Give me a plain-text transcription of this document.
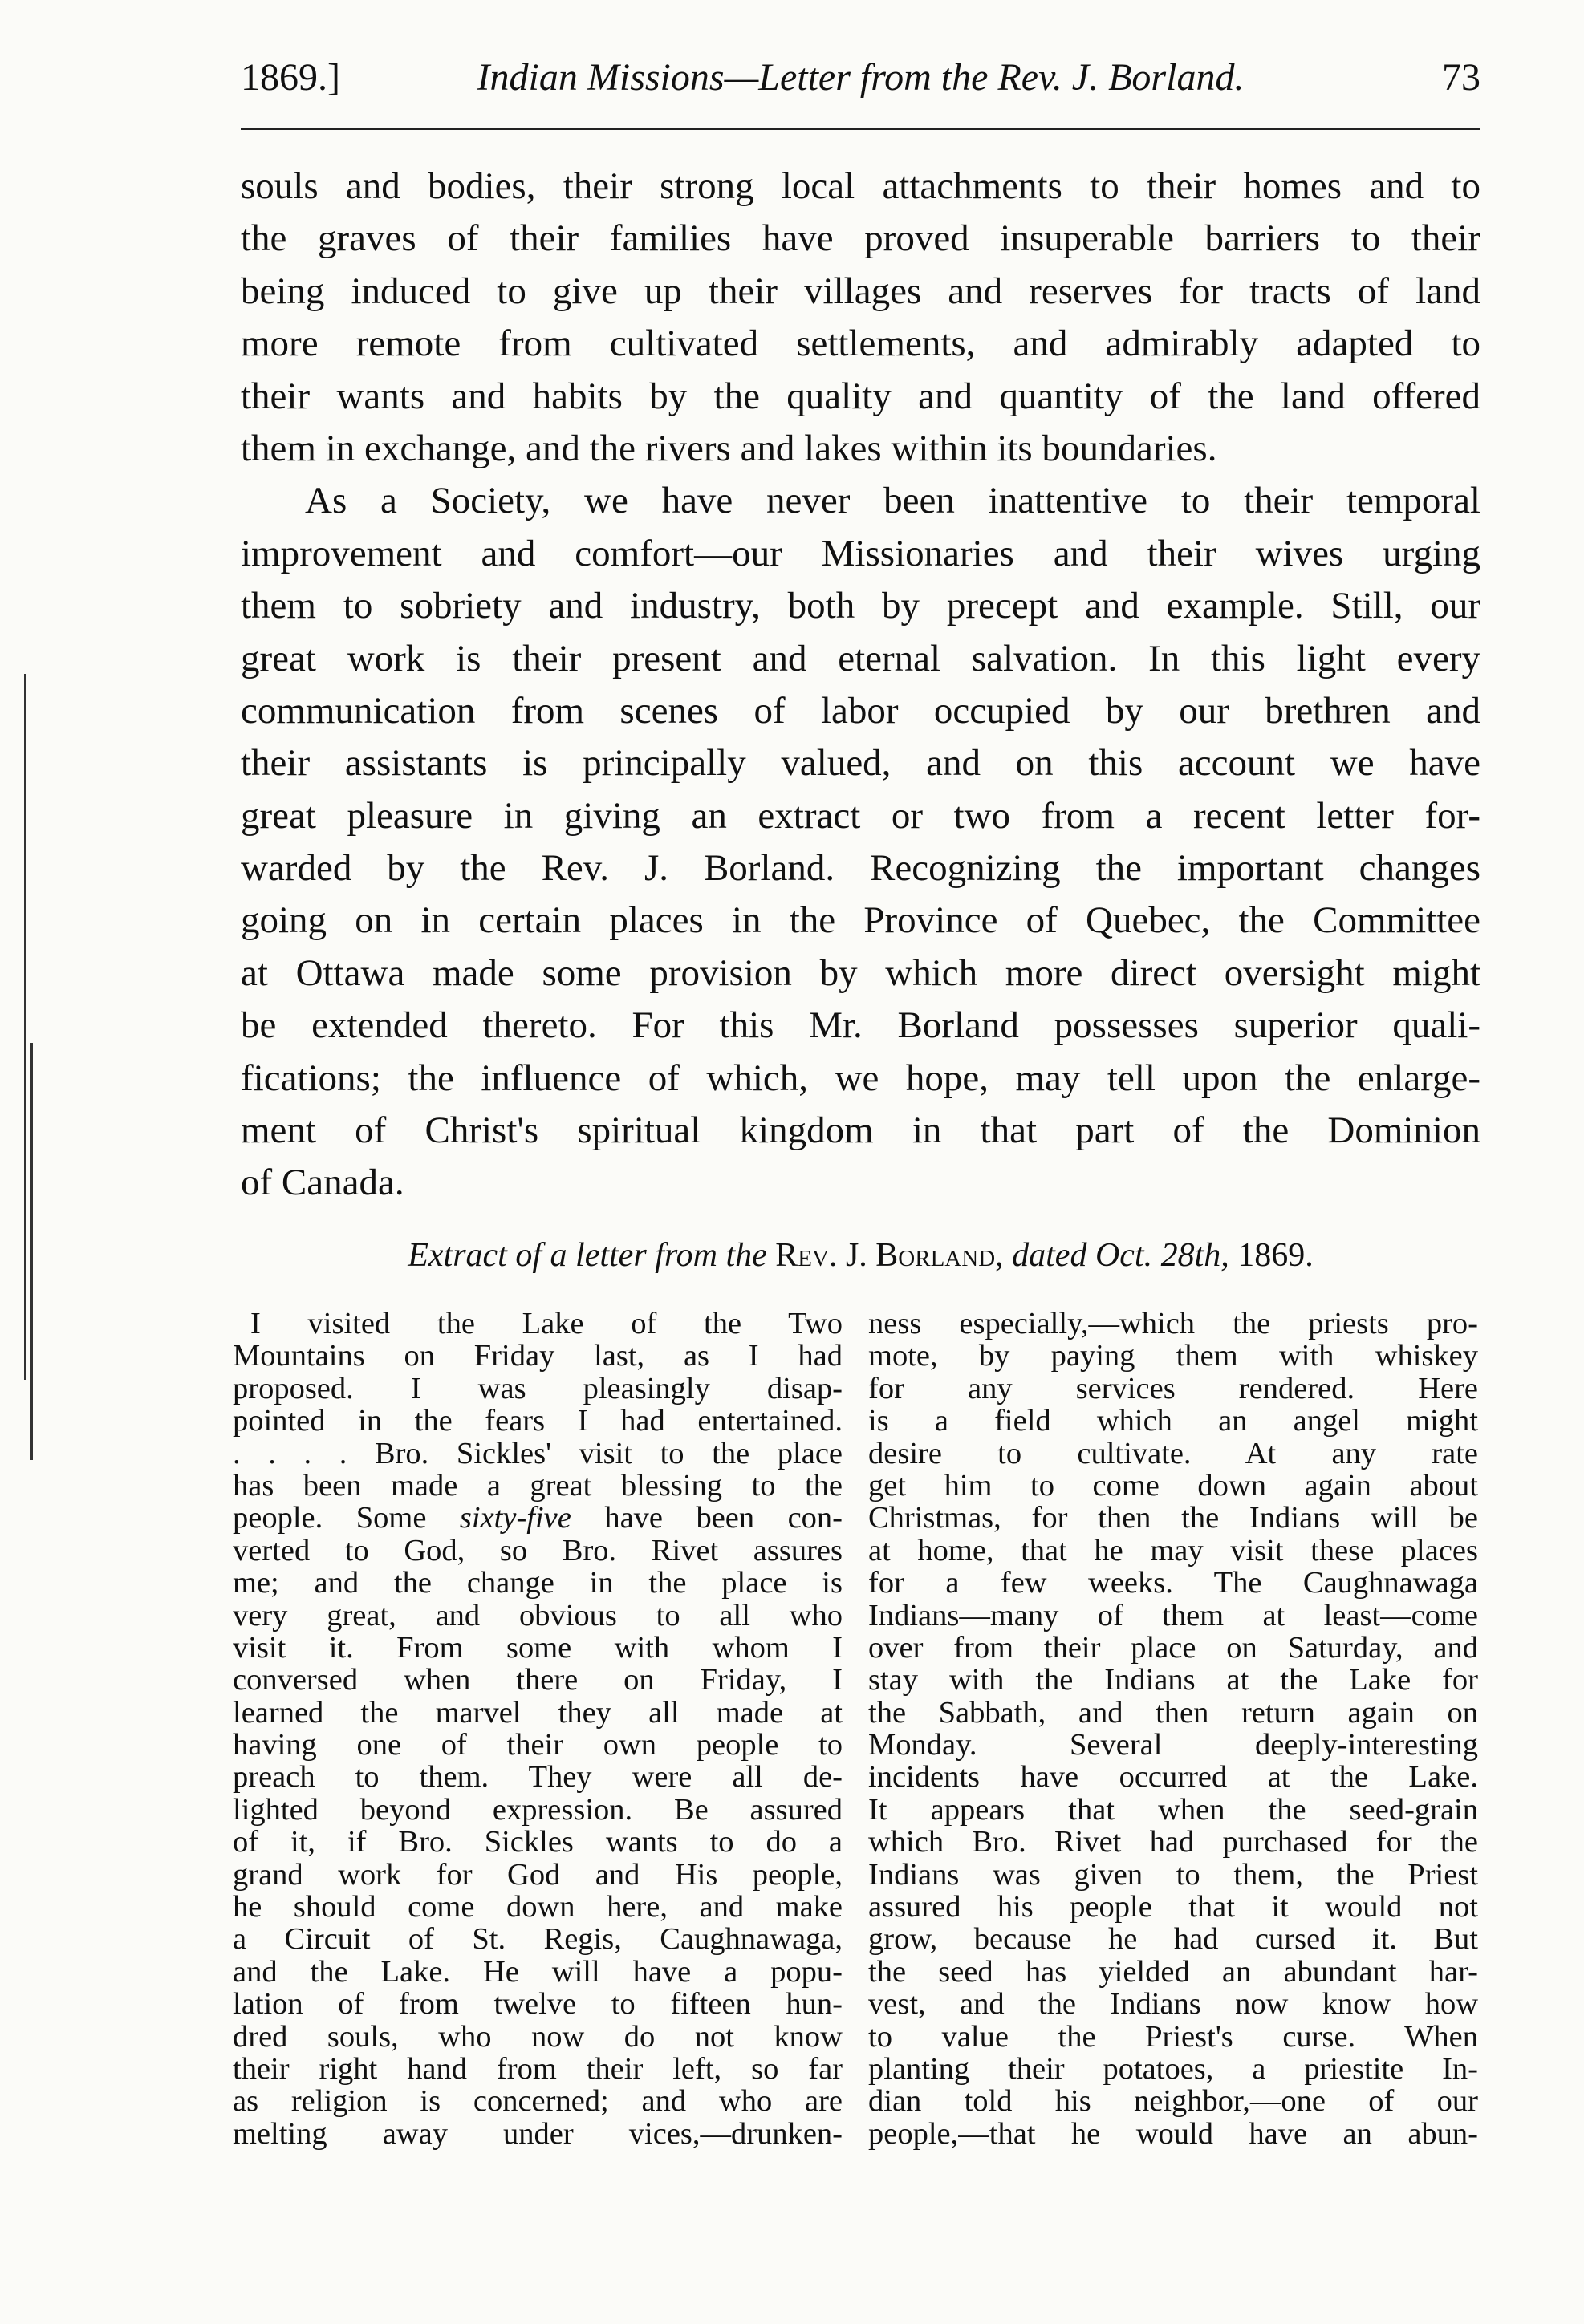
1869.]	Indian Missions—Letter from the Rev. J. Borland.	73
souls and bodies, their strong local attachments to their homes and to
the graves of their families have proved insuperable barriers to their
being induced to give up their villages and reserves for tracts of land
more remote from cultivated settlements, and admirably adapted to
their wants and habits by the quality and quantity of the land offered
them in exchange, and the rivers and lakes within its boundaries.
As a Society, we have never been inattentive to their temporal
improvement and comfort—our Missionaries and their wives urging
them to sobriety and industry, both by precept and example. Still, our
great work is their present and eternal salvation. In this light every
communication from scenes of labor occupied by our brethren and
their assistants is principally valued, and on this account we have
great pleasure in giving an extract or two from a recent letter for-
warded by the Rev. J. Borland. Recognizing the important changes
going on in certain places in the Province of Quebec, the Committee
at Ottawa made some provision by which more direct oversight might
be extended thereto. For this Mr. Borland possesses superior quali-
fications; the influence of which, we hope, may tell upon the enlarge-
ment of Christ's spiritual kingdom in that part of the Dominion
of Canada.
Extract of a letter from the Rev. J. Borland, dated Oct. 28th, 1869.
I visited the Lake of the Two
Mountains on Friday last, as I had
proposed. I was pleasingly disap-
pointed in the fears I had entertained.
. . . . Bro. Sickles' visit to the place
has been made a great blessing to the
people. Some sixty-five have been con-
verted to God, so Bro. Rivet assures
me; and the change in the place is
very great, and obvious to all who
visit it. From some with whom I
conversed when there on Friday, I
learned the marvel they all made at
having one of their own people to
preach to them. They were all de-
lighted beyond expression. Be assured
of it, if Bro. Sickles wants to do a
grand work for God and His people,
he should come down here, and make
a Circuit of St. Regis, Caughnawaga,
and the Lake. He will have a popu-
lation of from twelve to fifteen hun-
dred souls, who now do not know
their right hand from their left, so far
as religion is concerned; and who are
melting away under vices,—drunken-
ness especially,—which the priests pro-
mote, by paying them with whiskey
for any services rendered. Here
is a field which an angel might
desire to cultivate. At any rate
get him to come down again about
Christmas, for then the Indians will be
at home, that he may visit these places
for a few weeks. The Caughnawaga
Indians—many of them at least—come
over from their place on Saturday, and
stay with the Indians at the Lake for
the Sabbath, and then return again on
Monday. Several deeply-interesting
incidents have occurred at the Lake.
It appears that when the seed-grain
which Bro. Rivet had purchased for the
Indians was given to them, the Priest
assured his people that it would not
grow, because he had cursed it. But
the seed has yielded an abundant har-
vest, and the Indians now know how
to value the Priest's curse. When
planting their potatoes, a priestite In-
dian told his neighbor,—one of our
people,—that he would have an abun-
